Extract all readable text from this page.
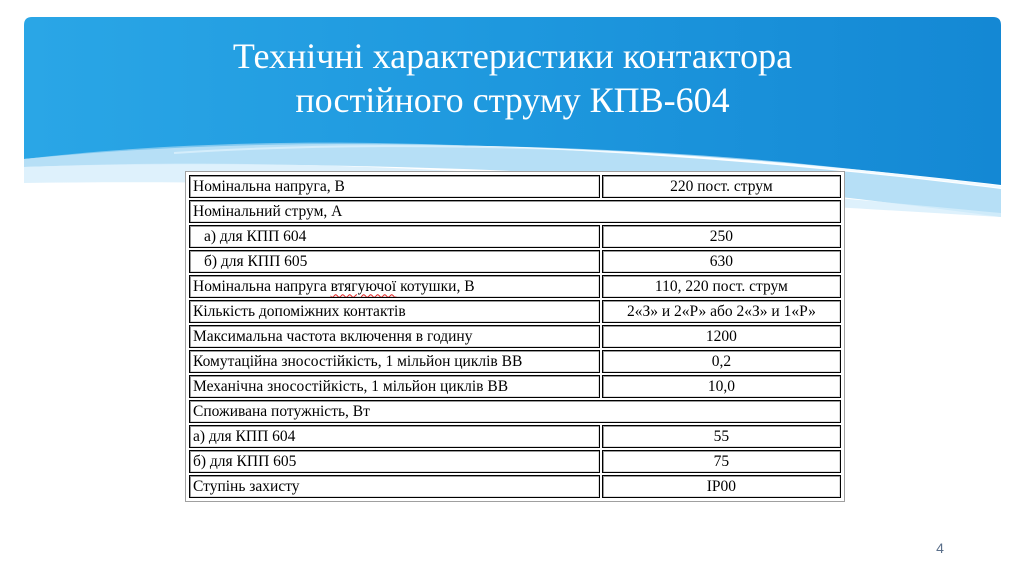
Технічні характеристики контактора
постійного струму КПВ-604
Номінальна напруга, В	220 пост. струм
Номінальний струм, А	
а) для КПП 604	250
б) для КПП 605	630
Номінальна напруга втягуючої котушки, В	110, 220 пост. струм
Кількість допоміжних контактів	2«З» и 2«Р» або 2«З» и 1«Р»
Максимальна частота включення в годину	1200
Комутаційна зносостійкість, 1 мільйон циклів ВВ	0,2
Механічна зносостійкість, 1 мільйон циклів ВВ	10,0
Споживана потужність, Вт	
а) для КПП 604	55
б) для КПП 605	75
Ступінь захисту	IP00
4
